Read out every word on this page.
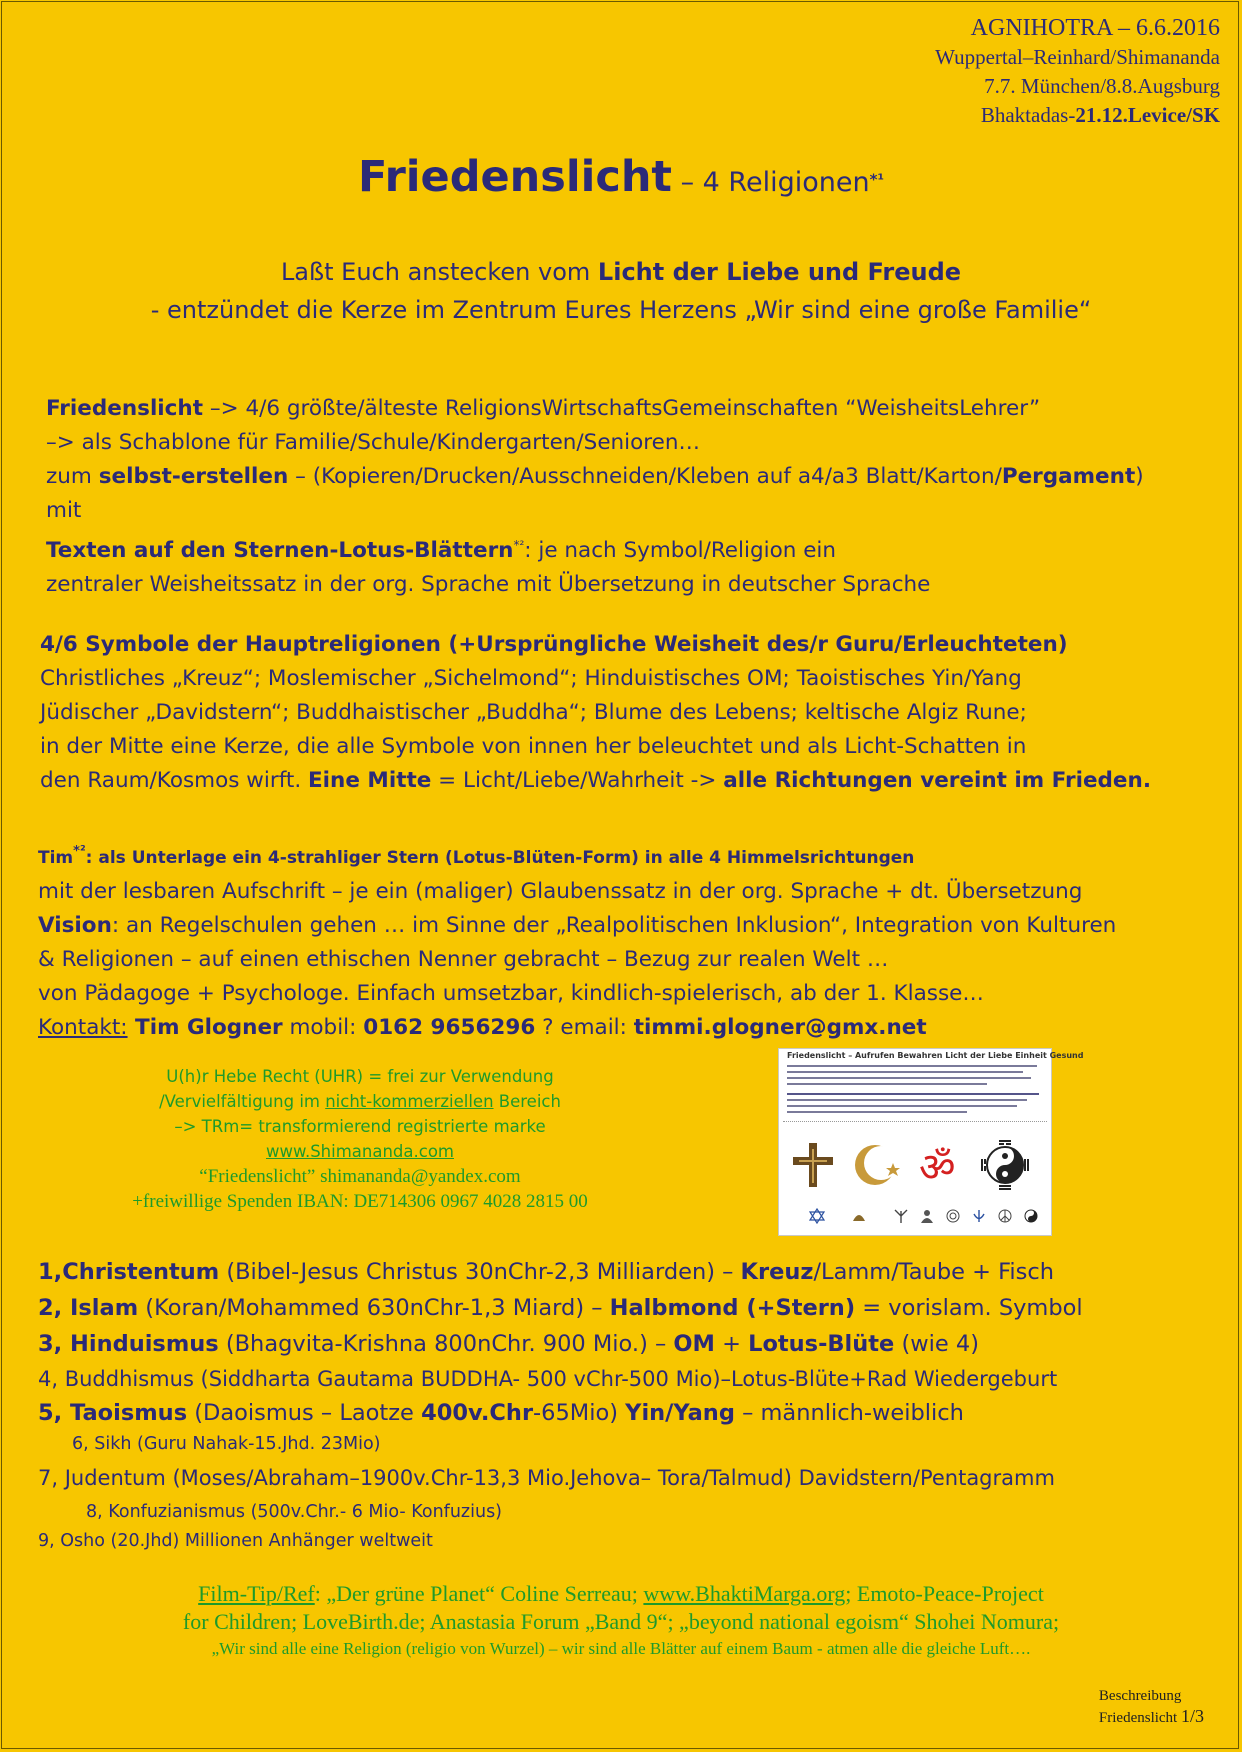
AGNIHOTRA – 6.6.2016
Wuppertal–Reinhard/Shimananda
7.7. München/8.8.Augsburg
Bhaktadas-21.12.Levice/SK
Friedenslicht – 4 Religionen$^{*^1}$
Laßt Euch anstecken vom Licht der Liebe und Freude
- entzündet die Kerze im Zentrum Eures Herzens „Wir sind eine große Familie“
Friedenslicht –> 4/6 größte/älteste ReligionsWirtschaftsGemeinschaften “WeisheitsLehrer”
–> als Schablone für Familie/Schule/Kindergarten/Senioren…
zum selbst-erstellen – (Kopieren/Drucken/Ausschneiden/Kleben auf a4/a3 Blatt/Karton/Pergament)
mit
Texten auf den Sternen-Lotus-Blättern$^{*^2}$: je nach Symbol/Religion ein
zentraler Weisheitssatz in der org. Sprache mit Übersetzung in deutscher Sprache
4/6 Symbole der Hauptreligionen (+Ursprüngliche Weisheit des/r Guru/Erleuchteten)
Christliches „Kreuz“; Moslemischer „Sichelmond“; Hinduistisches OM; Taoistisches Yin/Yang
Jüdischer „Davidstern“; Buddhaistischer „Buddha“; Blume des Lebens; keltische Algiz Rune;
in der Mitte eine Kerze, die alle Symbole von innen her beleuchtet und als Licht-Schatten in
den Raum/Kosmos wirft. Eine Mitte = Licht/Liebe/Wahrheit -> alle Richtungen vereint im Frieden.
Tim$^{*^2}$: als Unterlage ein 4-strahliger Stern (Lotus-Blüten-Form) in alle 4 Himmelsrichtungen
mit der lesbaren Aufschrift – je ein (maliger) Glaubenssatz in der org. Sprache + dt. Übersetzung
Vision: an Regelschulen gehen … im Sinne der „Realpolitischen Inklusion“, Integration von Kulturen
& Religionen – auf einen ethischen Nenner gebracht – Bezug zur realen Welt …
von Pädagoge + Psychologe. Einfach umsetzbar, kindlich-spielerisch, ab der 1. Klasse…
Kontakt: Tim Glogner mobil: 0162 9656296 ? email: timmi.glogner@gmx.net
U(h)r Hebe Recht (UHR) = frei zur Verwendung
/Vervielfältigung im nicht-kommerziellen Bereich
–> TRm= transformierend registrierte marke
www.Shimananda.com
“Friedenslicht” shimananda@yandex.com
+freiwillige Spenden IBAN: DE714306 0967 4028 2815 00
Friedenslicht – Aufrufen Bewahren Licht der Liebe Einheit Gesund
ॐ
1,Christentum (Bibel-Jesus Christus 30nChr-2,3 Milliarden) – Kreuz/Lamm/Taube + Fisch
2, Islam (Koran/Mohammed 630nChr-1,3 Miard) – Halbmond (+Stern) = vorislam. Symbol
3, Hinduismus (Bhagvita-Krishna 800nChr. 900 Mio.) – OM + Lotus-Blüte (wie 4)
4, Buddhismus (Siddharta Gautama BUDDHA- 500 vChr-500 Mio)–Lotus-Blüte+Rad Wiedergeburt
5, Taoismus (Daoismus – Laotze 400v.Chr-65Mio) Yin/Yang – männlich-weiblich
6, Sikh (Guru Nahak-15.Jhd. 23Mio)
7, Judentum (Moses/Abraham–1900v.Chr-13,3 Mio.Jehova– Tora/Talmud) Davidstern/Pentagramm
8, Konfuzianismus (500v.Chr.- 6 Mio- Konfuzius)
9, Osho (20.Jhd) Millionen Anhänger weltweit
Film-Tip/Ref: „Der grüne Planet“ Coline Serreau; www.BhaktiMarga.org; Emoto-Peace-Project
for Children; LoveBirth.de; Anastasia Forum „Band 9“; „beyond national egoism“ Shohei Nomura;
„Wir sind alle eine Religion (religio von Wurzel) – wir sind alle Blätter auf einem Baum - atmen alle die gleiche Luft….
Beschreibung
Friedenslicht 1/3
